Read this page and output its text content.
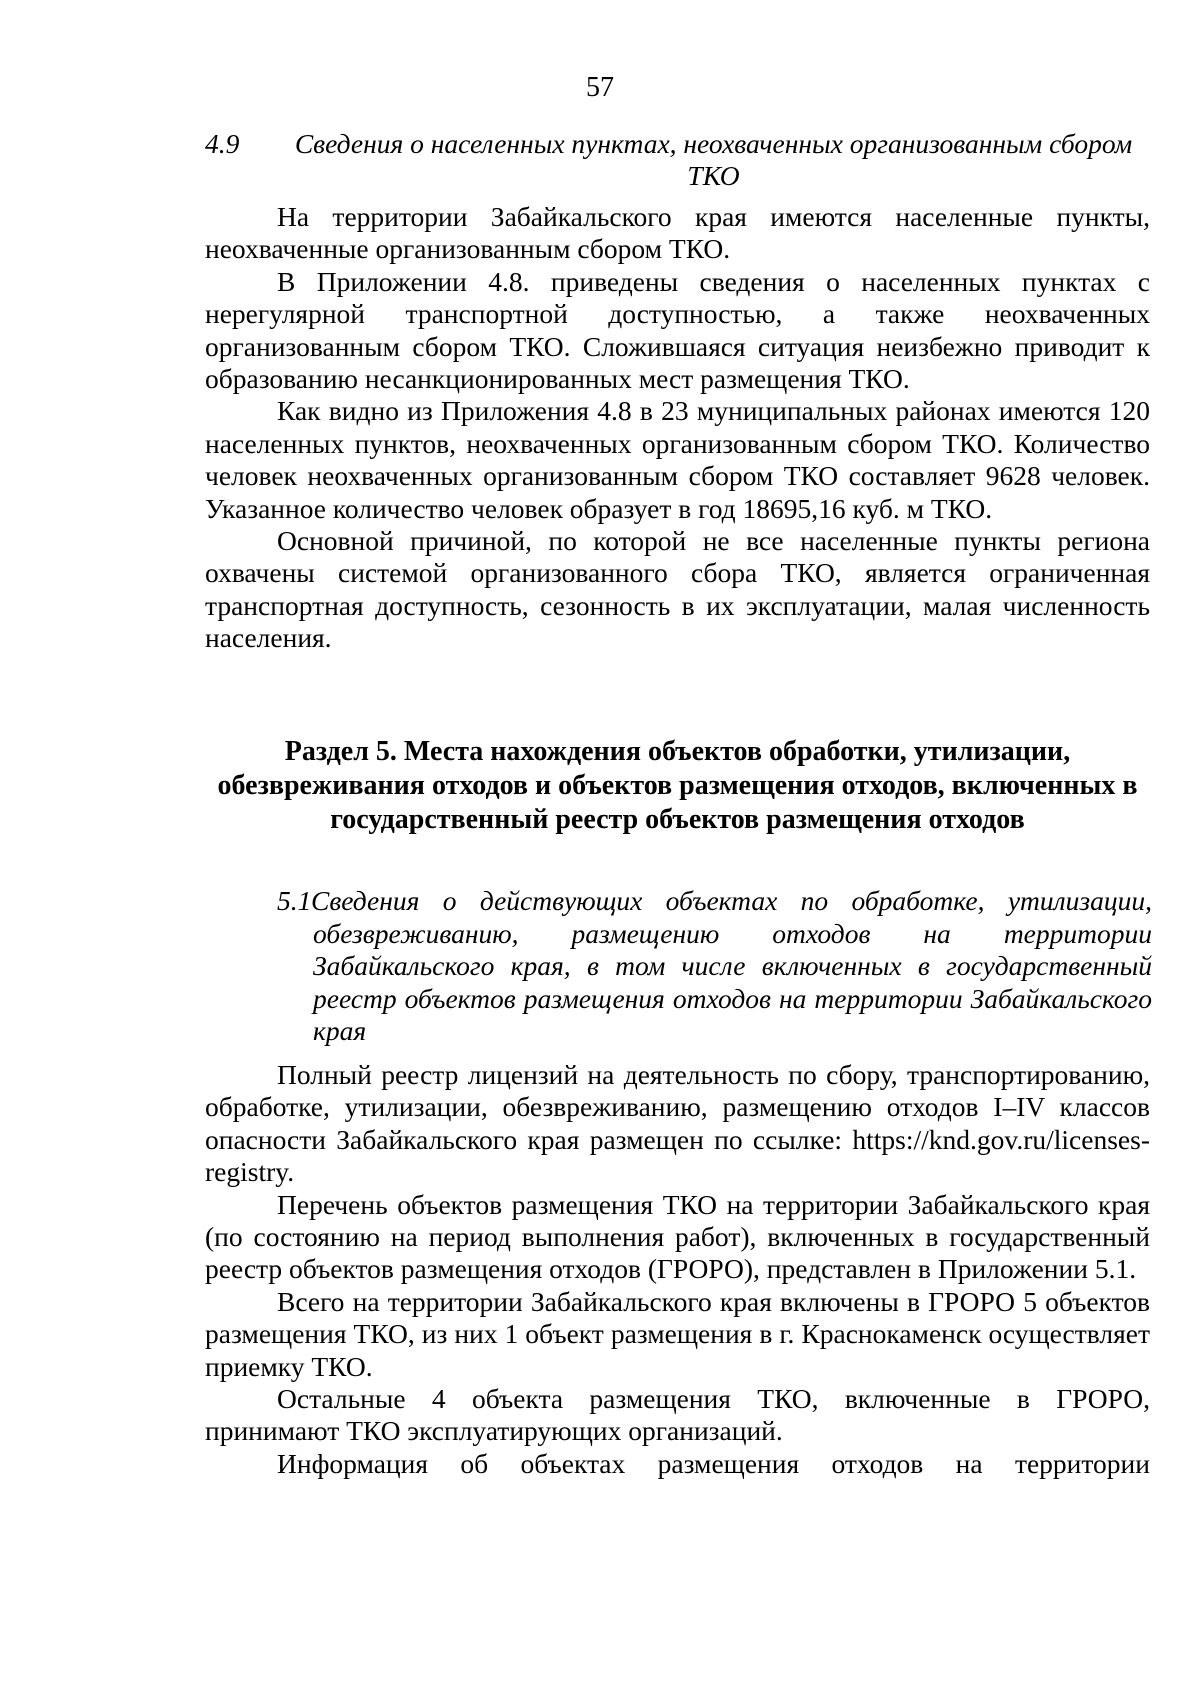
57
4.9	Сведения о населенных пунктах, неохваченных организованным сбором ТКО

На территории Забайкальского края имеются населенные пункты, неохваченные организованным сбором ТКО.

В Приложении 4.8. приведены сведения о населенных пунктах с нерегулярной транспортной доступностью, а также неохваченных организованным сбором ТКО. Сложившаяся ситуация неизбежно приводит к образованию несанкционированных мест размещения ТКО.

Как видно из Приложения 4.8 в 23 муниципальных районах имеются 120 населенных пунктов, неохваченных организованным сбором ТКО. Количество человек неохваченных организованным сбором ТКО составляет 9628 человек. Указанное количество человек образует в год 18695,16 куб. м ТКО.

Основной причиной, по которой не все населенные пункты региона охвачены системой организованного сбора ТКО, является ограниченная транспортная доступность, сезонность в их эксплуатации, малая численность населения.

Раздел 5. Места нахождения объектов обработки, утилизации, обезвреживания отходов и объектов размещения отходов, включенных в государственный реестр объектов размещения отходов
5.1 Сведения о действующих объектах по обработке, утилизации, обезвреживанию, размещению отходов на территории Забайкальского края, в том числе включенных в государственный реестр объектов размещения отходов на территории Забайкальского края

Полный реестр лицензий на деятельность по сбору, транспортированию, обработке, утилизации, обезвреживанию, размещению отходов I–IV классов опасности Забайкальского края размещен по ссылке: https://knd.gov.ru/licenses-registry.

Перечень объектов размещения ТКО на территории Забайкальского края (по состоянию на период выполнения работ), включенных в государственный реестр объектов размещения отходов (ГРОРО), представлен в Приложении 5.1.

Всего на территории Забайкальского края включены в ГРОРО 5 объектов размещения ТКО, из них 1 объект размещения в г. Краснокаменск осуществляет приемку ТКО.

Остальные 4 объекта размещения ТКО, включенные в ГРОРО, принимают ТКО эксплуатирующих организаций.

Информация об объектах размещения отходов на территории
